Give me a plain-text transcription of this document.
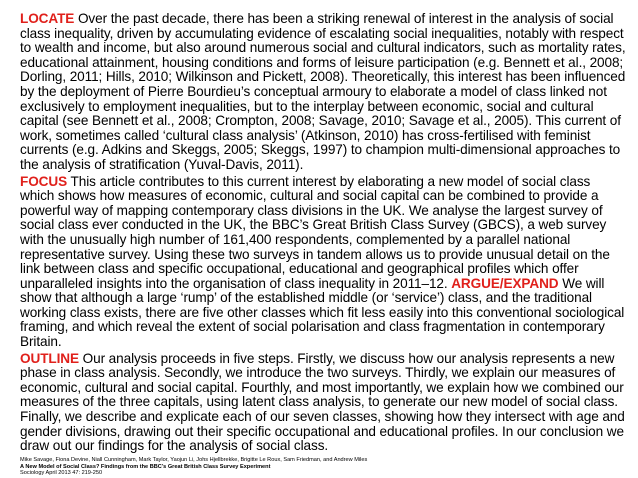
LOCATE Over the past decade, there has been a striking renewal of interest in the analysis of social class inequality, driven by accumulating evidence of escalating social inequalities, notably with respect to wealth and income, but also around numerous social and cultural indicators, such as mortality rates, educational attainment, housing conditions and forms of leisure participation (e.g. Bennett et al., 2008; Dorling, 2011; Hills, 2010; Wilkinson and Pickett, 2008). Theoretically, this interest has been influenced by the deployment of Pierre Bourdieu’s conceptual armoury to elaborate a model of class linked not exclusively to employment inequalities, but to the interplay between economic, social and cultural capital (see Bennett et al., 2008; Crompton, 2008; Savage, 2010; Savage et al., 2005). This current of work, sometimes called ‘cultural class analysis’ (Atkinson, 2010) has cross-fertilised with feminist currents (e.g. Adkins and Skeggs, 2005; Skeggs, 1997) to champion multi-dimensional approaches to the analysis of stratification (Yuval-Davis, 2011).

FOCUS This article contributes to this current interest by elaborating a new model of social class which shows how measures of economic, cultural and social capital can be combined to provide a powerful way of mapping contemporary class divisions in the UK. We analyse the largest survey of social class ever conducted in the UK, the BBC’s Great British Class Survey (GBCS), a web survey with the unusually high number of 161,400 respondents, complemented by a parallel national representative survey. Using these two surveys in tandem allows us to provide unusual detail on the link between class and specific occupational, educational and geographical profiles which offer unparalleled insights into the organisation of class inequality in 2011–12. ARGUE/EXPAND We will show that although a large ‘rump’ of the established middle (or ‘service’) class, and the traditional working class exists, there are five other classes which fit less easily into this conventional sociological framing, and which reveal the extent of social polarisation and class fragmentation in contemporary Britain.

OUTLINE Our analysis proceeds in five steps. Firstly, we discuss how our analysis represents a new phase in class analysis. Secondly, we introduce the two surveys. Thirdly, we explain our measures of economic, cultural and social capital. Fourthly, and most importantly, we explain how we combined our measures of the three capitals, using latent class analysis, to generate our new model of social class. Finally, we describe and explicate each of our seven classes, showing how they intersect with age and gender divisions, drawing out their specific occupational and educational profiles. In our conclusion we draw out our findings for the analysis of social class.

Mike Savage, Fiona Devine, Niall Cunningham, Mark Taylor, Yaojun Li, Johs Hjellbrekke, Brigitte Le Roux, Sam Friedman, and Andrew Miles
A New Model of Social Class? Findings from the BBC’s Great British Class Survey Experiment
Sociology April 2013 47: 219-250
